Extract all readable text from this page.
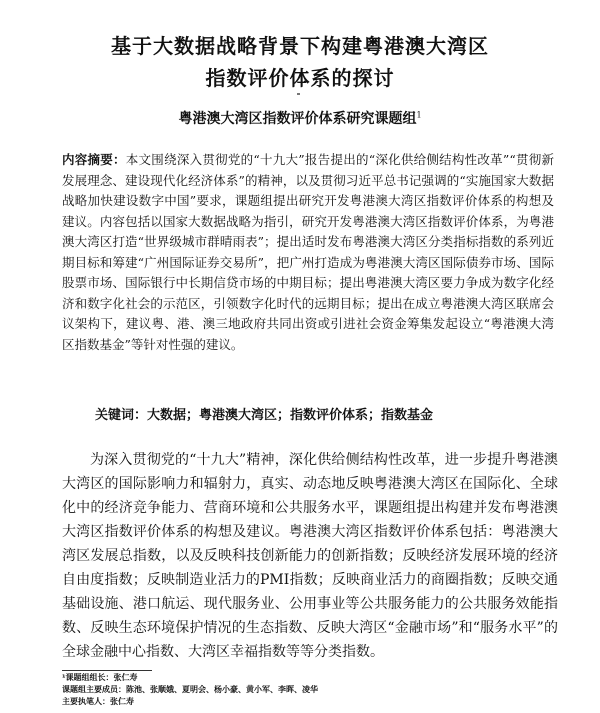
基于大数据战略背景下构建粤港澳大湾区
指数评价体系的探讨
粤港澳大湾区指数评价体系研究课题组$^1$
内容摘要：本文围绕深入贯彻党的“十九大”报告提出的“深化供给侧结构性改革”“贯彻新发展理念、建设现代化经济体系”的精神，以及贯彻习近平总书记强调的“实施国家大数据战略加快建设数字中国”要求，课题组提出研究开发粤港澳大湾区指数评价体系的构想及建议。内容包括以国家大数据战略为指引，研究开发粤港澳大湾区指数评价体系，为粤港澳大湾区打造“世界级城市群晴雨表”；提出适时发布粤港澳大湾区分类指标指数的系列近期目标和筹建“广州国际证券交易所”，把广州打造成为粤港澳大湾区国际债券市场、国际股票市场、国际银行中长期信贷市场的中期目标；提出粤港澳大湾区要力争成为数字化经济和数字化社会的示范区，引领数字化时代的远期目标；提出在成立粤港澳大湾区联席会议架构下，建议粤、港、澳三地政府共同出资或引进社会资金筹集发起设立“粤港澳大湾区指数基金”等针对性强的建议。
关键词：大数据；粤港澳大湾区；指数评价体系；指数基金
为深入贯彻党的“十九大”精神，深化供给侧结构性改革，进一步提升粤港澳大湾区的国际影响力和辐射力，真实、动态地反映粤港澳大湾区在国际化、全球化中的经济竞争能力、营商环境和公共服务水平，课题组提出构建并发布粤港澳大湾区指数评价体系的构想及建议。粤港澳大湾区指数评价体系包括：粤港澳大湾区发展总指数，以及反映科技创新能力的创新指数；反映经济发展环境的经济自由度指数；反映制造业活力的PMI指数；反映商业活力的商圈指数；反映交通基础设施、港口航运、现代服务业、公用事业等公共服务能力的公共服务效能指数、反映生态环境保护情况的生态指数、反映大湾区“金融市场”和“服务水平”的全球金融中心指数、大湾区幸福指数等等分类指数。
¹课题组组长：张仁寿
课题组主要成员：陈池、张顺娥、夏明会、杨小豪、黄小军、李晖、凌华
主要执笔人：张仁寿
